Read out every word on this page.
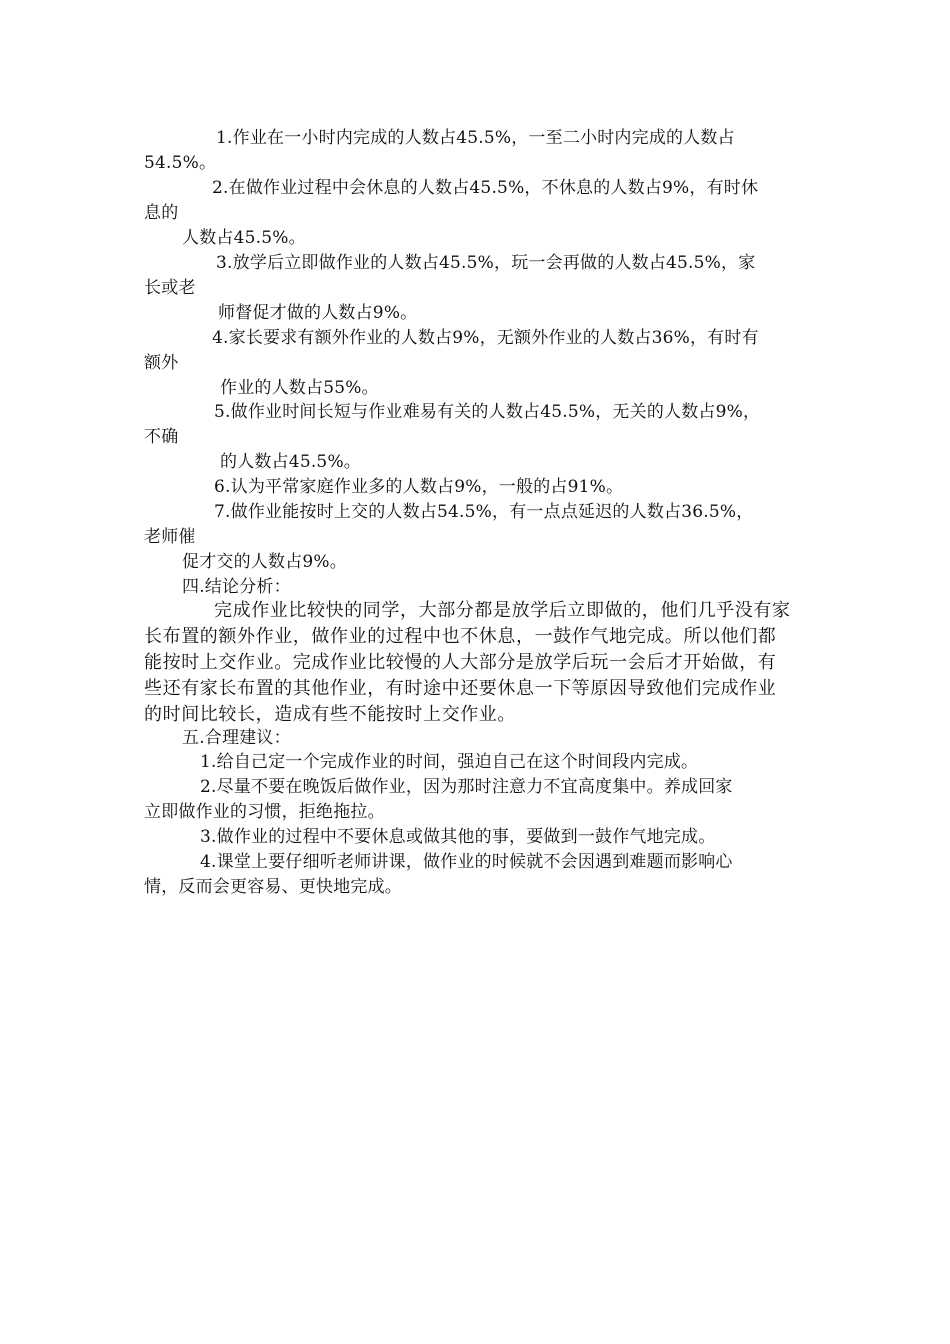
1.作业在一小时内完成的人数占45.5%，一至二小时内完成的人数占
54.5%。
2.在做作业过程中会休息的人数占45.5%，不休息的人数占9%，有时休
息的
人数占45.5%。
3.放学后立即做作业的人数占45.5%，玩一会再做的人数占45.5%，家
长或老
师督促才做的人数占9%。
4.家长要求有额外作业的人数占9%，无额外作业的人数占36%，有时有
额外
作业的人数占55%。
5.做作业时间长短与作业难易有关的人数占45.5%，无关的人数占9%，
不确
的人数占45.5%。
6.认为平常家庭作业多的人数占9%，一般的占91%。
7.做作业能按时上交的人数占54.5%，有一点点延迟的人数占36.5%，
老师催
促才交的人数占9%。
四.结论分析：
完成作业比较快的同学，大部分都是放学后立即做的，他们几乎没有家
长布置的额外作业，做作业的过程中也不休息，一鼓作气地完成。所以他们都
能按时上交作业。完成作业比较慢的人大部分是放学后玩一会后才开始做，有
些还有家长布置的其他作业，有时途中还要休息一下等原因导致他们完成作业
的时间比较长，造成有些不能按时上交作业。
五.合理建议：
1.给自己定一个完成作业的时间，强迫自己在这个时间段内完成。
2.尽量不要在晚饭后做作业，因为那时注意力不宜高度集中。养成回家
立即做作业的习惯，拒绝拖拉。
3.做作业的过程中不要休息或做其他的事，要做到一鼓作气地完成。
4.课堂上要仔细听老师讲课，做作业的时候就不会因遇到难题而影响心
情，反而会更容易、更快地完成。
